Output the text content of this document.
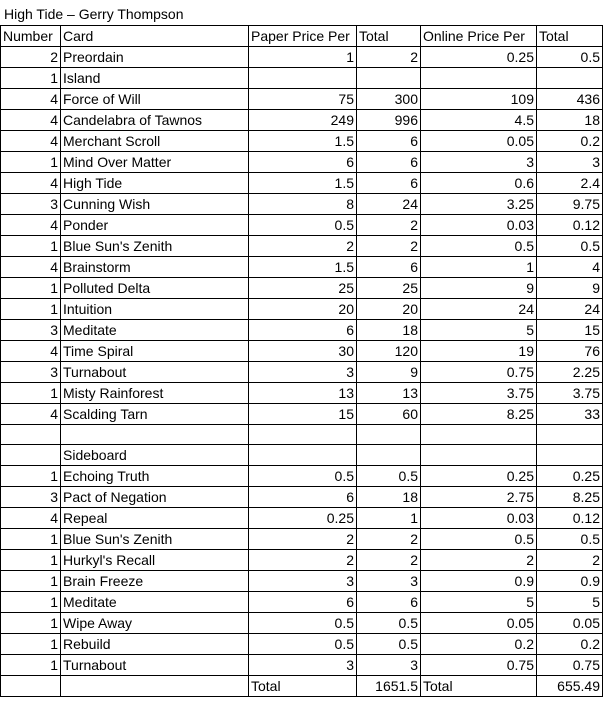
High Tide – Gerry Thompson
Number	Card	Paper Price Per	Total	Online Price Per	Total
2	Preordain	1	2	0.25	0.5
1	Island				
4	Force of Will	75	300	109	436
4	Candelabra of Tawnos	249	996	4.5	18
4	Merchant Scroll	1.5	6	0.05	0.2
1	Mind Over Matter	6	6	3	3
4	High Tide	1.5	6	0.6	2.4
3	Cunning Wish	8	24	3.25	9.75
4	Ponder	0.5	2	0.03	0.12
1	Blue Sun's Zenith	2	2	0.5	0.5
4	Brainstorm	1.5	6	1	4
1	Polluted Delta	25	25	9	9
1	Intuition	20	20	24	24
3	Meditate	6	18	5	15
4	Time Spiral	30	120	19	76
3	Turnabout	3	9	0.75	2.25
1	Misty Rainforest	13	13	3.75	3.75
4	Scalding Tarn	15	60	8.25	33

	Sideboard				
1	Echoing Truth	0.5	0.5	0.25	0.25
3	Pact of Negation	6	18	2.75	8.25
4	Repeal	0.25	1	0.03	0.12
1	Blue Sun's Zenith	2	2	0.5	0.5
1	Hurkyl's Recall	2	2	2	2
1	Brain Freeze	3	3	0.9	0.9
1	Meditate	6	6	5	5
1	Wipe Away	0.5	0.5	0.05	0.05
1	Rebuild	0.5	0.5	0.2	0.2
1	Turnabout	3	3	0.75	0.75
		Total	1651.5	Total	655.49
